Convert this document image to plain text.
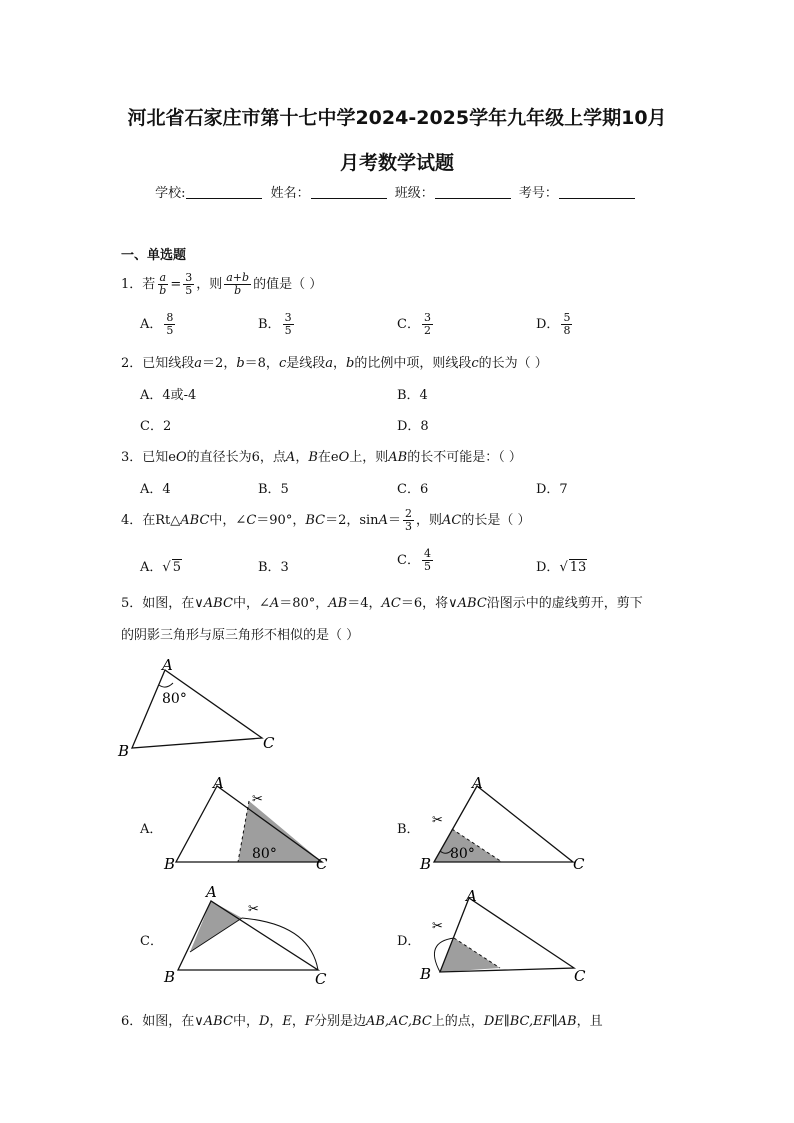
河北省石家庄市第十七中学2024-2025学年九年级上学期10月
月考数学试题
学校:	姓名：	班级：	考号：
一、单选题
1．若 $\frac{a}{b} = \frac{3}{5}$ ，则 $\frac{a+b}{b}$ 的值是（ ）
A． $\frac{8}{5}$	B． $\frac{3}{5}$	C． $\frac{3}{2}$	D． $\frac{5}{8}$
2．已知线段a＝2，b＝8，c是线段a，b的比例中项，则线段c的长为（ ）
A．4或-4	B．4
C．2	D．8
3．已知eO的直径长为6，点A，B在eO上，则AB的长不可能是：（ ）
A．4	B．5	C．6	D．7
4．在Rt△ABC中，∠C＝90°，BC＝2，$\sin A= \frac{2}{3}$ ，则AC的长是（ ）
A．√ 5	B．3	C． $\frac{4}{5}$	D．√ 13
5．如图，在∨ABC中，∠A＝80°，AB＝4，AC＝6，将∨ABC沿图示中的虚线剪开，剪下
的阴影三角形与原三角形不相似的是（ ）
A
B	C
80°
A．
✂
A
B	C
80°
B．
✂
A
B	C
80°
C．
✂
A
B	C
D．
✂
A
B	C
6．如图，在∨ABC中，D，E，F分别是边AB,AC,BC上的点，DE∥BC,EF∥AB，且
